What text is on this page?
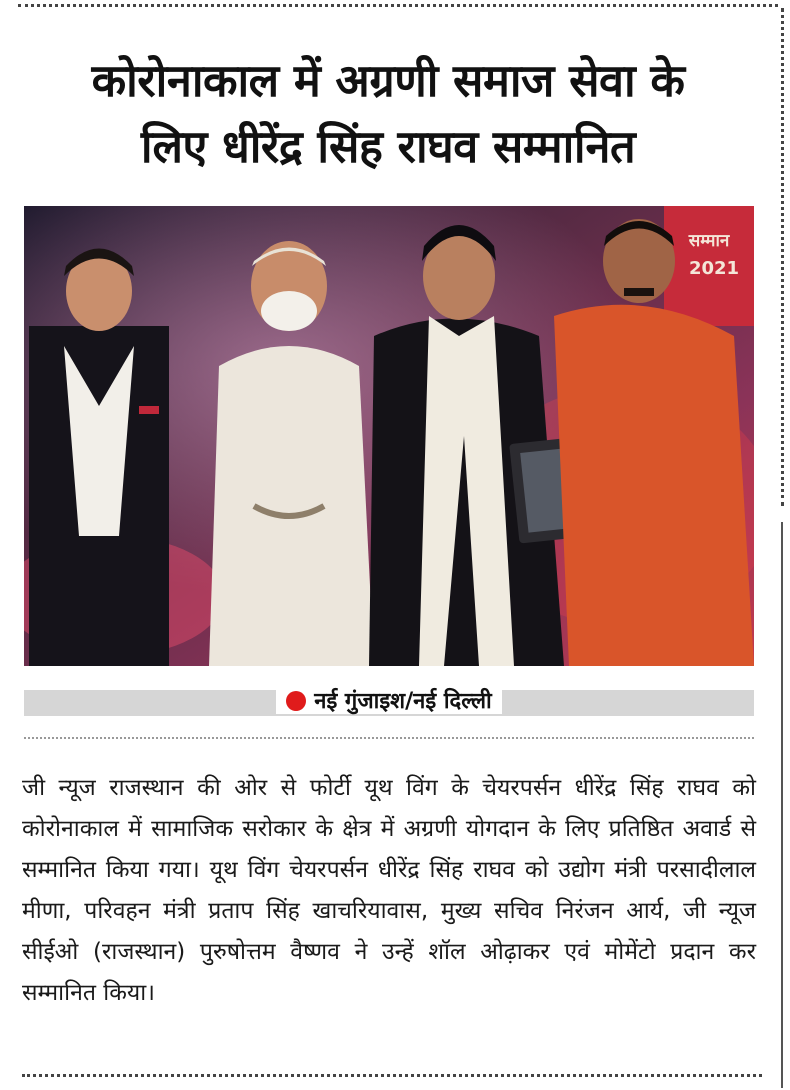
कोरोनाकाल में अग्रणी समाज सेवा के
लिए धीरेंद्र सिंह राघव सम्मानित
सम्मान
2021
नई गुंजाइश/नई दिल्ली
जी न्यूज राजस्थान की ओर से फोर्टी यूथ विंग के चेयरपर्सन धीरेंद्र सिंह राघव को कोरोनाकाल में सामाजिक सरोकार के क्षेत्र में अग्रणी योगदान के लिए प्रतिष्ठित अवार्ड से सम्मानित किया गया। यूथ विंग चेयरपर्सन धीरेंद्र सिंह राघव को उद्योग मंत्री परसादीलाल मीणा, परिवहन मंत्री प्रताप सिंह खाचरियावास, मुख्य सचिव निरंजन आर्य, जी न्यूज सीईओ (राजस्थान) पुरुषोत्तम वैष्णव ने उन्हें शॉल ओढ़ाकर एवं मोमेंटो प्रदान कर सम्मानित किया।
